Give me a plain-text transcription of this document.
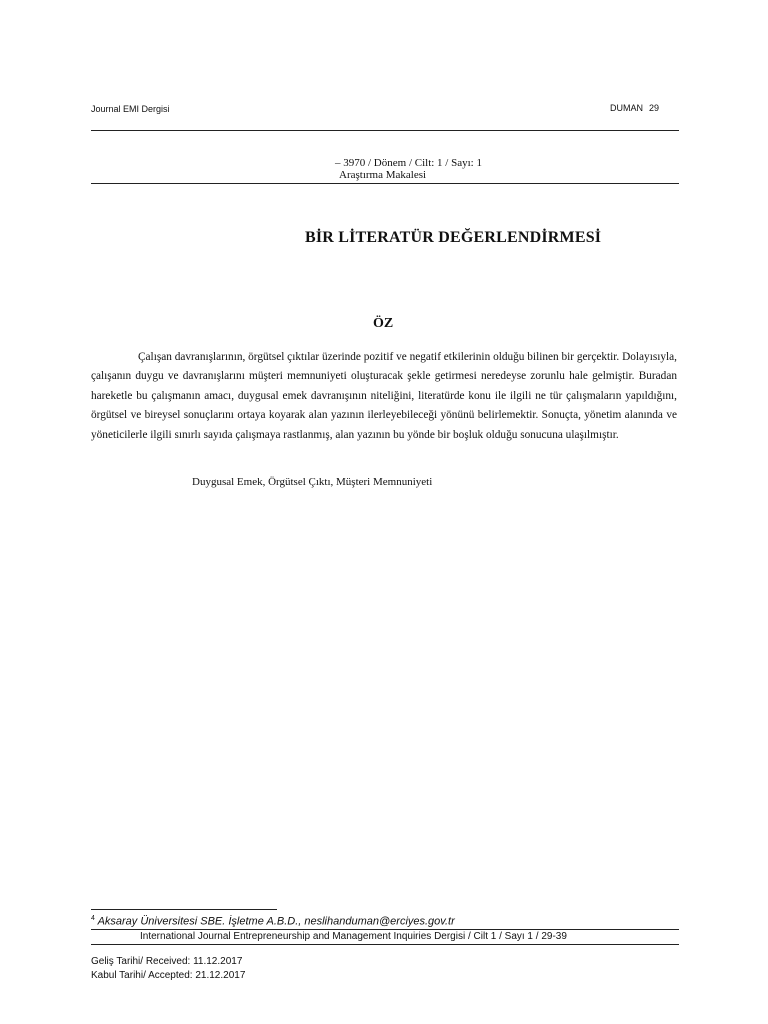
Journal EMI Dergisi	DUMAN 29
– 3970 / Dönem / Cilt: 1 / Sayı: 1
Araştırma Makalesi
BİR LİTERATÜR DEĞERLENDİRMESİ
ÖZ

Çalışan davranışlarının, örgütsel çıktılar üzerinde pozitif ve negatif etkilerinin olduğu bilinen bir gerçektir. Dolayısıyla, çalışanın duygu ve davranışlarını müşteri memnuniyeti oluşturacak şekle getirmesi neredeyse zorunlu hale gelmiştir. Buradan hareketle bu çalışmanın amacı, duygusal emek davranışının niteliğini, literatürde konu ile ilgili ne tür çalışmaların yapıldığını, örgütsel ve bireysel sonuçlarını ortaya koyarak alan yazının ilerleyebileceği yönünü belirlemektir. Sonuçta, yönetim alanında ve yöneticilerle ilgili sınırlı sayıda çalışmaya rastlanmış, alan yazının bu yönde bir boşluk olduğu sonucuna ulaşılmıştır.

Duygusal Emek, Örgütsel Çıktı, Müşteri Memnuniyeti
$^4$ Aksaray Üniversitesi SBE. İşletme A.B.D., neslihanduman@erciyes.gov.tr
International Journal Entrepreneurship and Management Inquiries Dergisi / Cilt 1 / Sayı 1 / 29-39
Geliş Tarihi/ Received: 11.12.2017
Kabul Tarihi/ Accepted: 21.12.2017
